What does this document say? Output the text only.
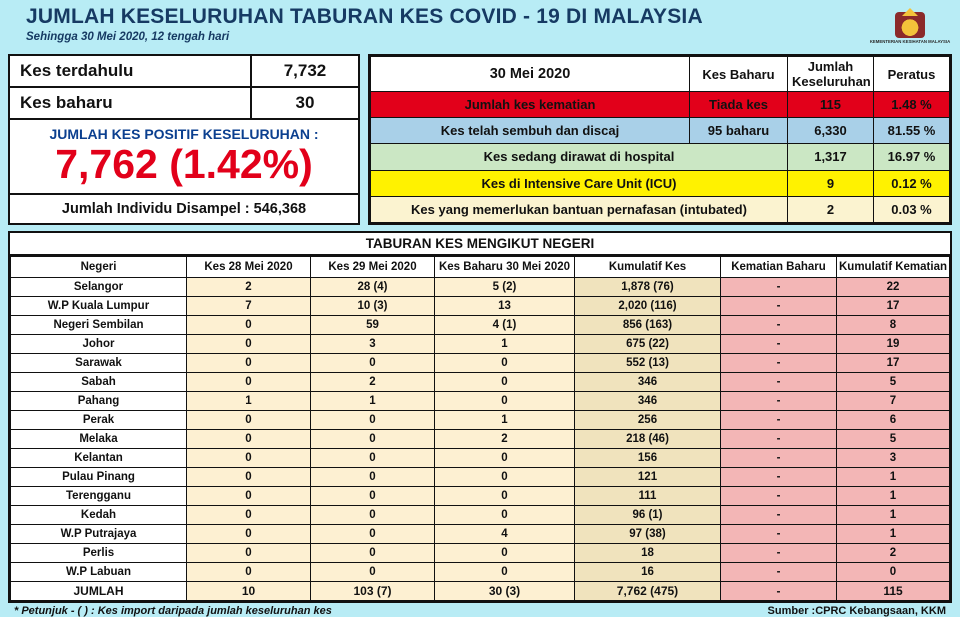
JUMLAH KESELURUHAN TABURAN KES COVID - 19 DI MALAYSIA
Sehingga 30 Mei 2020, 12 tengah hari	KEMENTERIAN KESIHATAN MALAYSIA
Kes terdahulu	7,732
Kes baharu	30
JUMLAH KES POSITIF KESELURUHAN :
7,762 (1.42%)
Jumlah Individu Disampel : 546,368
30 Mei 2020	Kes Baharu	Jumlah Keseluruhan	Peratus
Jumlah kes kematian	Tiada kes	115	1.48 %
Kes telah sembuh dan discaj	95 baharu	6,330	81.55 %
Kes sedang dirawat di hospital		1,317	16.97 %
Kes di Intensive Care Unit (ICU)		9	0.12 %
Kes yang memerlukan bantuan pernafasan (intubated)		2	0.03 %
TABURAN KES MENGIKUT NEGERI
Negeri	Kes 28 Mei 2020	Kes 29 Mei 2020	Kes Baharu 30 Mei 2020	Kumulatif Kes	Kematian Baharu	Kumulatif Kematian
Selangor	2	28 (4)	5 (2)	1,878 (76)	-	22
W.P Kuala Lumpur	7	10 (3)	13	2,020 (116)	-	17
Negeri Sembilan	0	59	4 (1)	856 (163)	-	8
Johor	0	3	1	675 (22)	-	19
Sarawak	0	0	0	552 (13)	-	17
Sabah	0	2	0	346	-	5
Pahang	1	1	0	346	-	7
Perak	0	0	1	256	-	6
Melaka	0	0	2	218 (46)	-	5
Kelantan	0	0	0	156	-	3
Pulau Pinang	0	0	0	121	-	1
Terengganu	0	0	0	111	-	1
Kedah	0	0	0	96 (1)	-	1
W.P Putrajaya	0	0	4	97 (38)	-	1
Perlis	0	0	0	18	-	2
W.P Labuan	0	0	0	16	-	0
JUMLAH	10	103 (7)	30 (3)	7,762 (475)	-	115
* Petunjuk - ( ) : Kes import daripada jumlah keseluruhan kes	Sumber :CPRC Kebangsaan, KKM
